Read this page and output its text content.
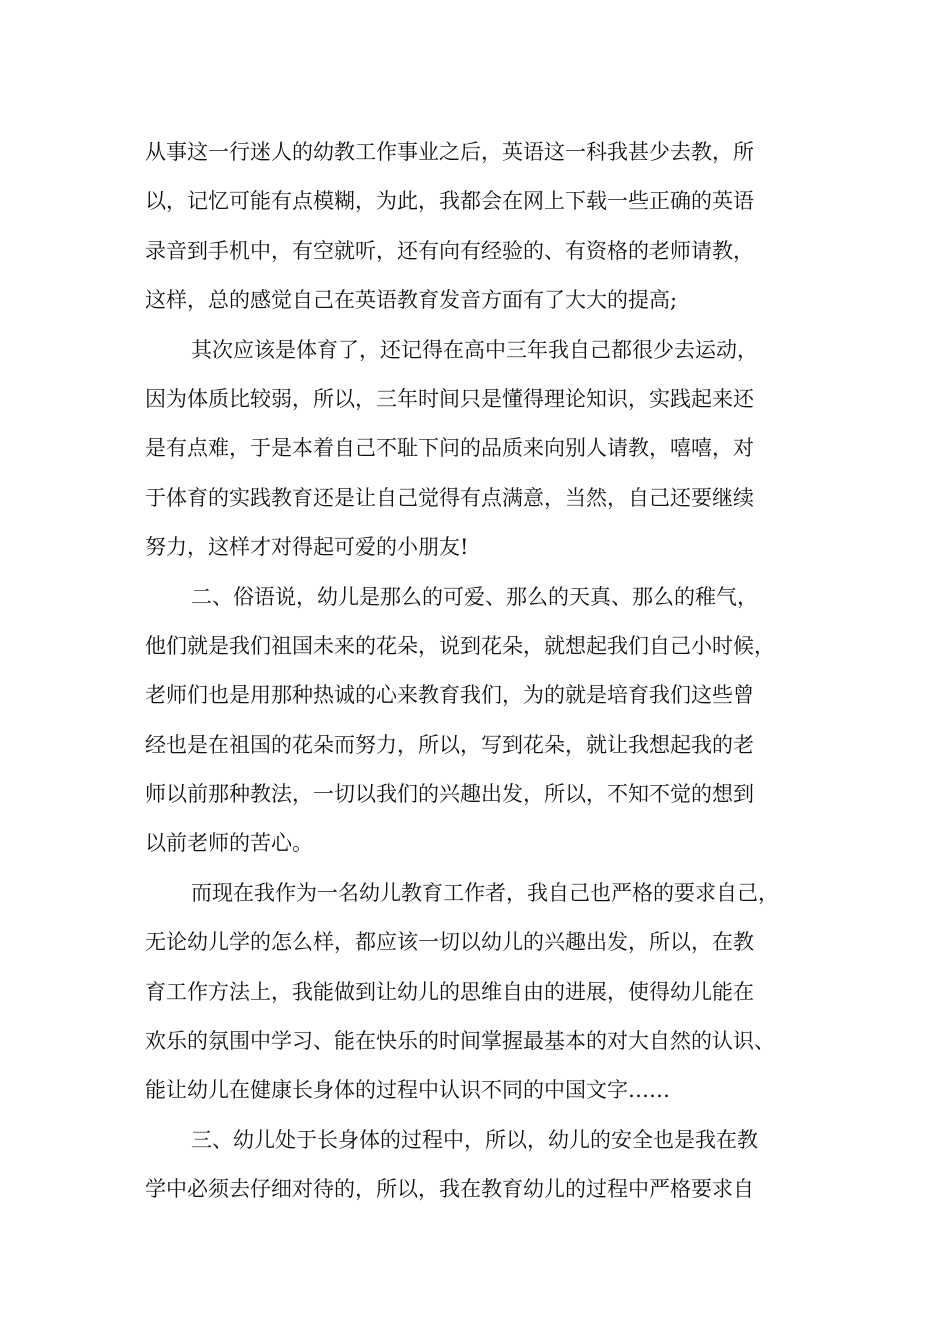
从事这一行迷人的幼教工作事业之后，英语这一科我甚少去教，所
以，记忆可能有点模糊，为此，我都会在网上下载一些正确的英语
录音到手机中，有空就听，还有向有经验的、有资格的老师请教，
这样，总的感觉自己在英语教育发音方面有了大大的提高;
其次应该是体育了，还记得在高中三年我自己都很少去运动，
因为体质比较弱，所以，三年时间只是懂得理论知识，实践起来还
是有点难，于是本着自己不耻下问的品质来向别人请教，嘻嘻，对
于体育的实践教育还是让自己觉得有点满意，当然，自己还要继续
努力，这样才对得起可爱的小朋友!
二、俗语说，幼儿是那么的可爱、那么的天真、那么的稚气，
他们就是我们祖国未来的花朵，说到花朵，就想起我们自己小时候，
老师们也是用那种热诚的心来教育我们，为的就是培育我们这些曾
经也是在祖国的花朵而努力，所以，写到花朵，就让我想起我的老
师以前那种教法，一切以我们的兴趣出发，所以，不知不觉的想到
以前老师的苦心。
而现在我作为一名幼儿教育工作者，我自己也严格的要求自己，
无论幼儿学的怎么样，都应该一切以幼儿的兴趣出发，所以，在教
育工作方法上，我能做到让幼儿的思维自由的进展，使得幼儿能在
欢乐的氛围中学习、能在快乐的时间掌握最基本的对大自然的认识、
能让幼儿在健康长身体的过程中认识不同的中国文字……
三、幼儿处于长身体的过程中，所以，幼儿的安全也是我在教
学中必须去仔细对待的，所以，我在教育幼儿的过程中严格要求自
